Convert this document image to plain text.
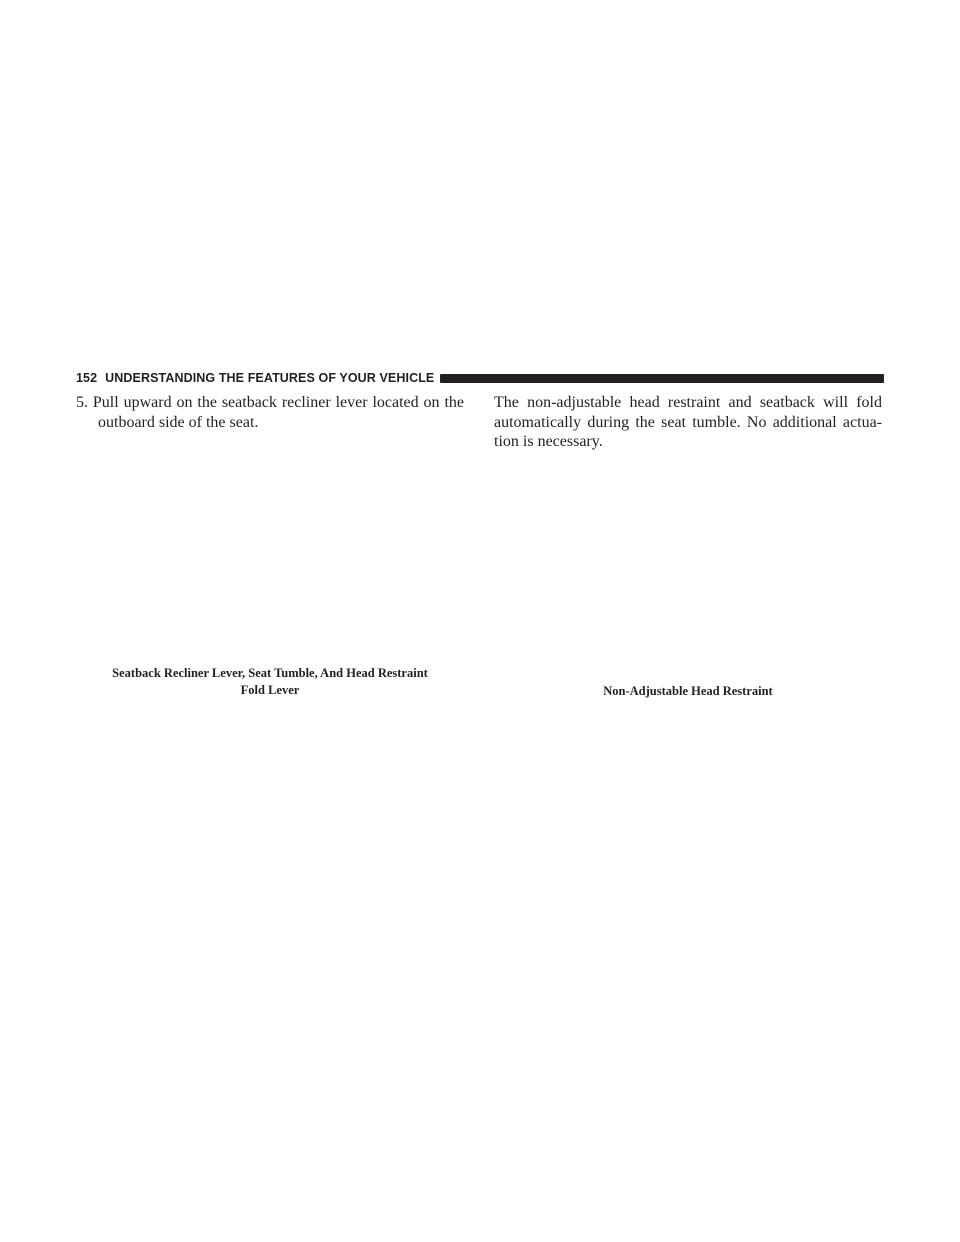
152 UNDERSTANDING THE FEATURES OF YOUR VEHICLE

5. Pull upward on the seatback recliner lever located on the outboard side of the seat.

Seatback Recliner Lever, Seat Tumble, And Head Restraint
Fold Lever

The non-adjustable head restraint and seatback will fold automatically during the seat tumble. No additional actua-tion is necessary.

Non-Adjustable Head Restraint
